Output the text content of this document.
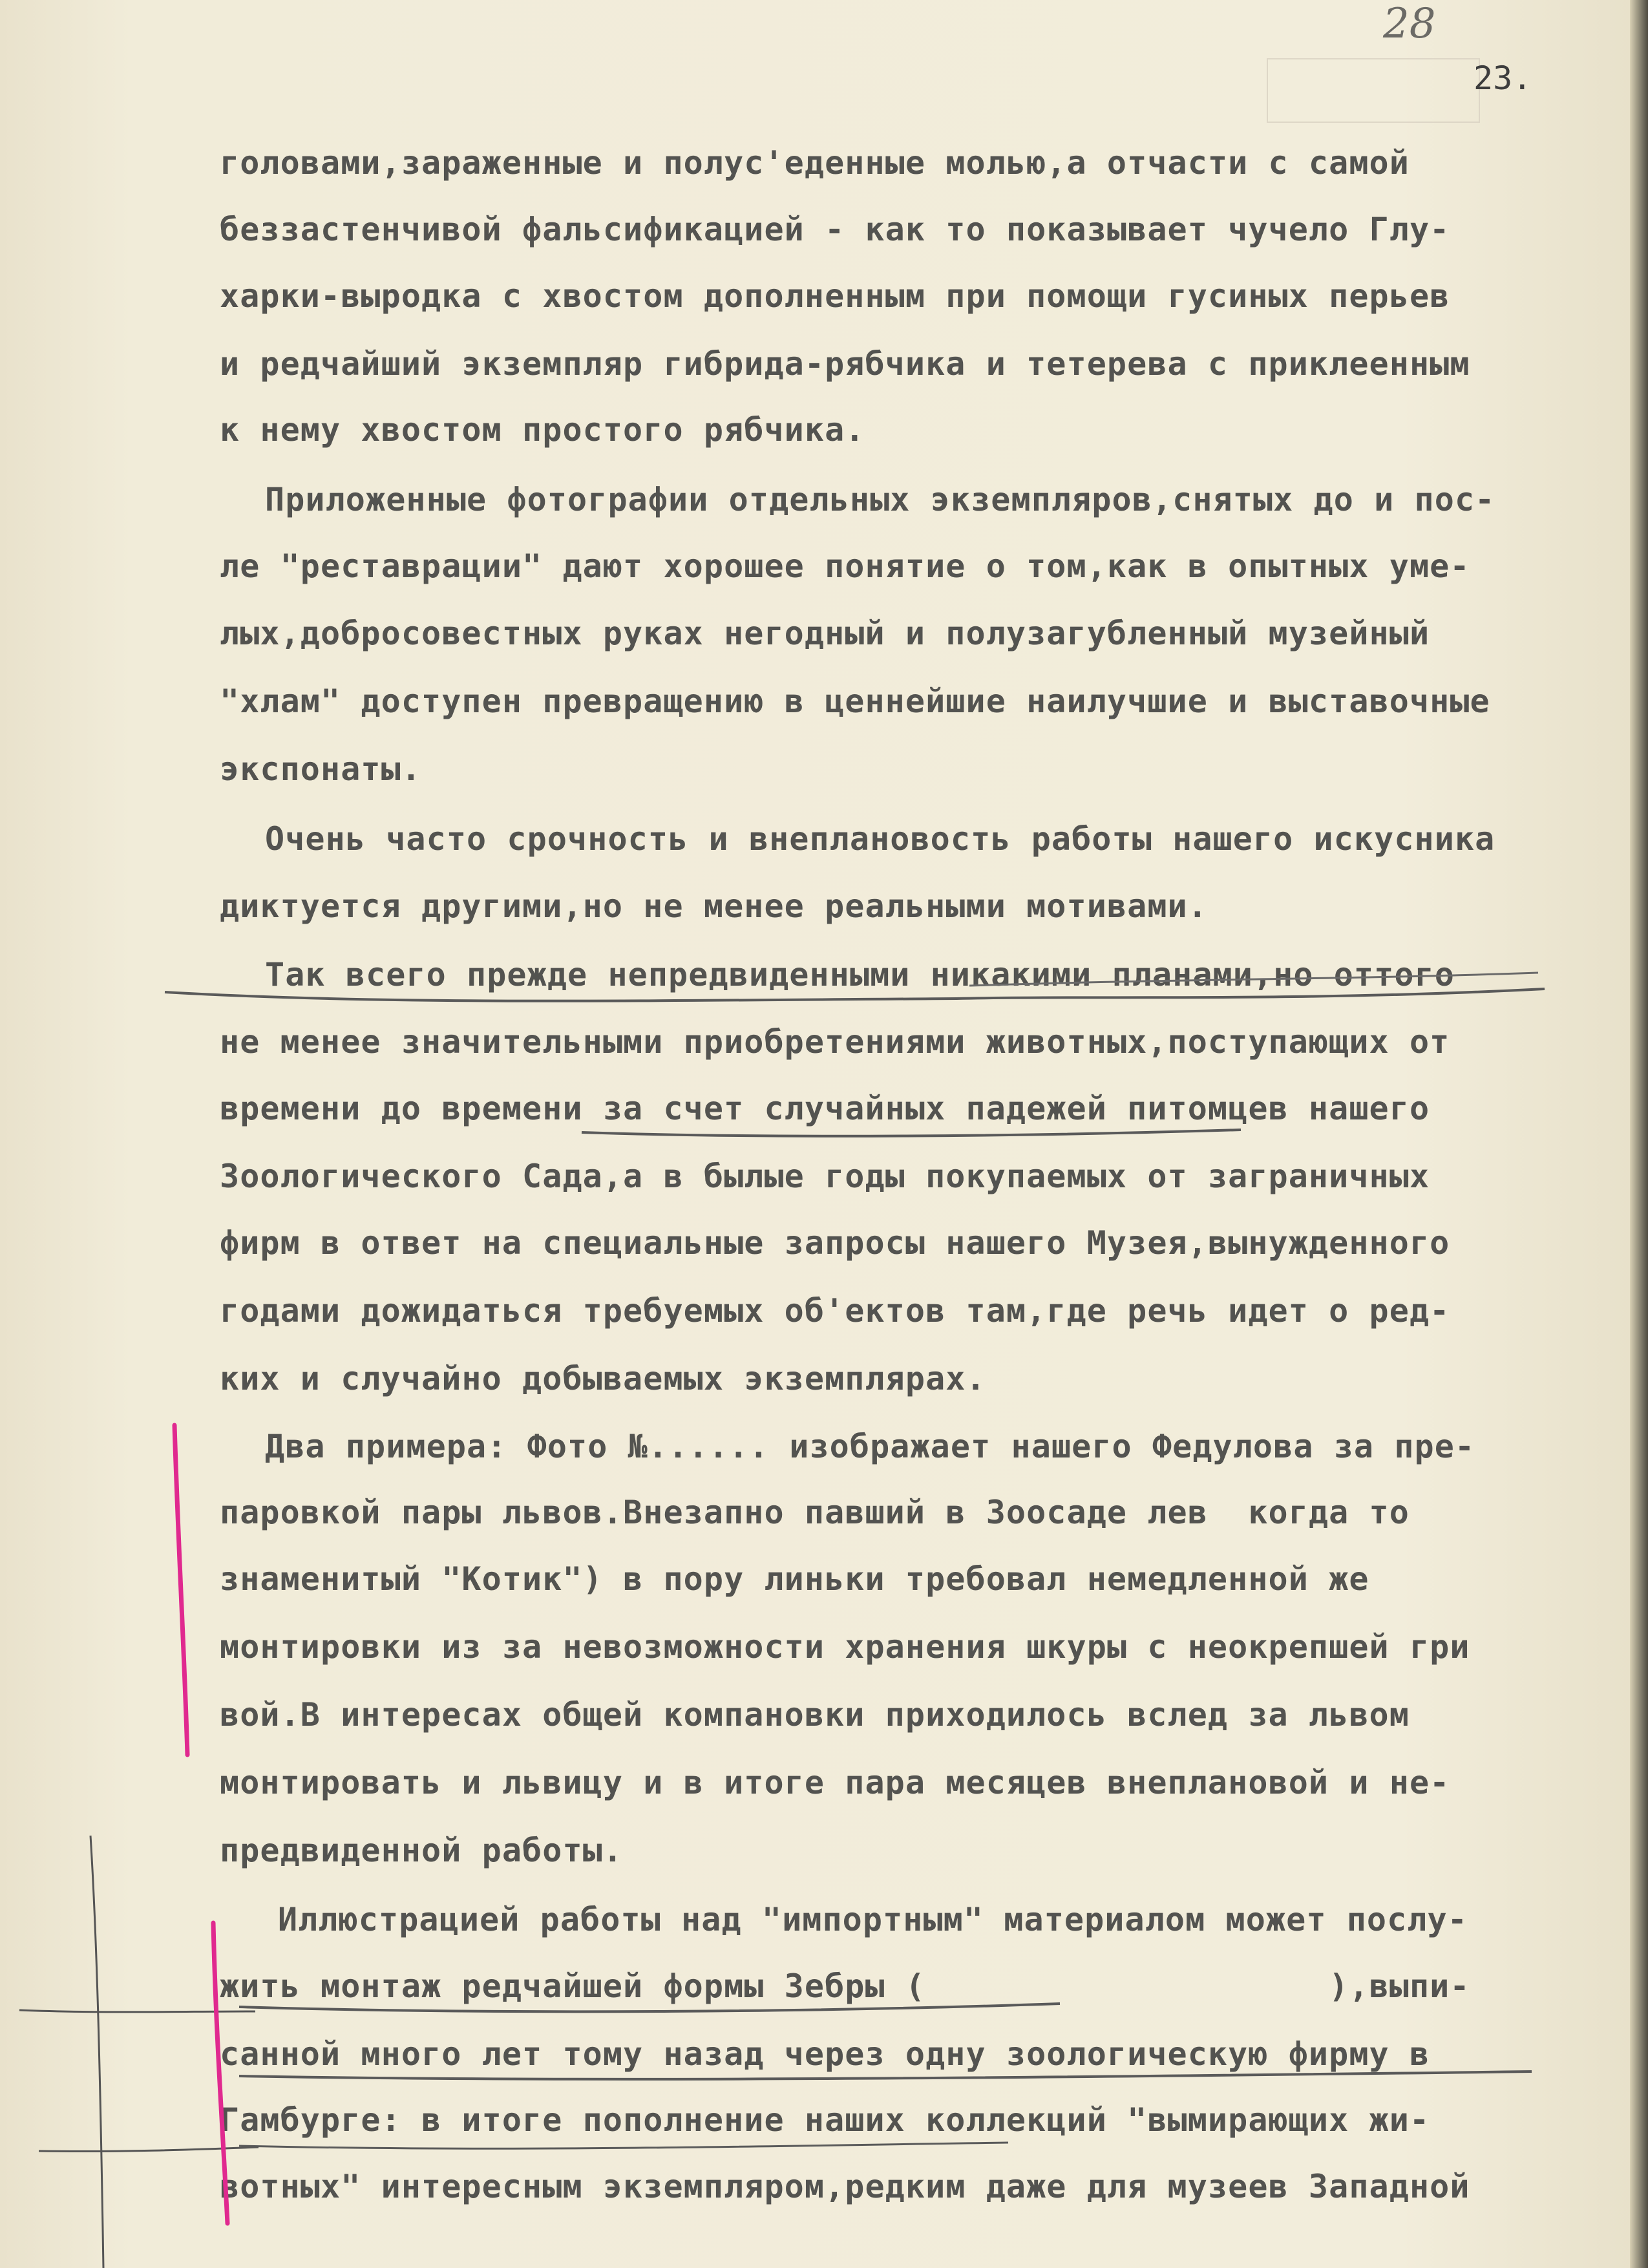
28
23.
головами,зараженные и полус'еденные молью,а отчасти с самой
беззастенчивой фальсификацией - как то показывает чучело Глу-
харки-выродка с хвостом дополненным при помощи гусиных перьев
и редчайший экземпляр гибрида-рябчика и тетерева с приклеенным
к нему хвостом простого рябчика.
Приложенные фотографии отдельных экземпляров,снятых до и пос-
ле "реставрации" дают хорошее понятие о том,как в опытных уме-
лых,добросовестных руках негодный и полузагубленный музейный
"хлам" доступен превращению в ценнейшие наилучшие и выставочные
экспонаты.
Очень часто срочность и внеплановость работы нашего искусника
диктуется другими,но не менее реальными мотивами.
Так всего прежде непредвиденными никакими планами,но оттого
не менее значительными приобретениями животных,поступающих от
времени до времени за счет случайных падежей питомцев нашего
Зоологического Сада,а в былые годы покупаемых от заграничных
фирм в ответ на специальные запросы нашего Музея,вынужденного
годами дожидаться требуемых об'ектов там,где речь идет о ред-
ких и случайно добываемых экземплярах.
Два примера: Фото №...... изображает нашего Федулова за пре-
паровкой пары львов.Внезапно павший в Зоосаде лев  когда то
знаменитый "Котик") в пору линьки требовал немедленной же
монтировки из за невозможности хранения шкуры с неокрепшей гри
вой.В интересах общей компановки приходилось вслед за львом
монтировать и львицу и в итоге пара месяцев внеплановой и не-
предвиденной работы.
Иллюстрацией работы над "импортным" материалом может послу-
жить монтаж редчайшей формы Зебры (                    ),выпи-
санной много лет тому назад через одну зоологическую фирму в
Гамбурге: в итоге пополнение наших коллекций "вымирающих жи-
вотных" интересным экземпляром,редким даже для музеев Западной
